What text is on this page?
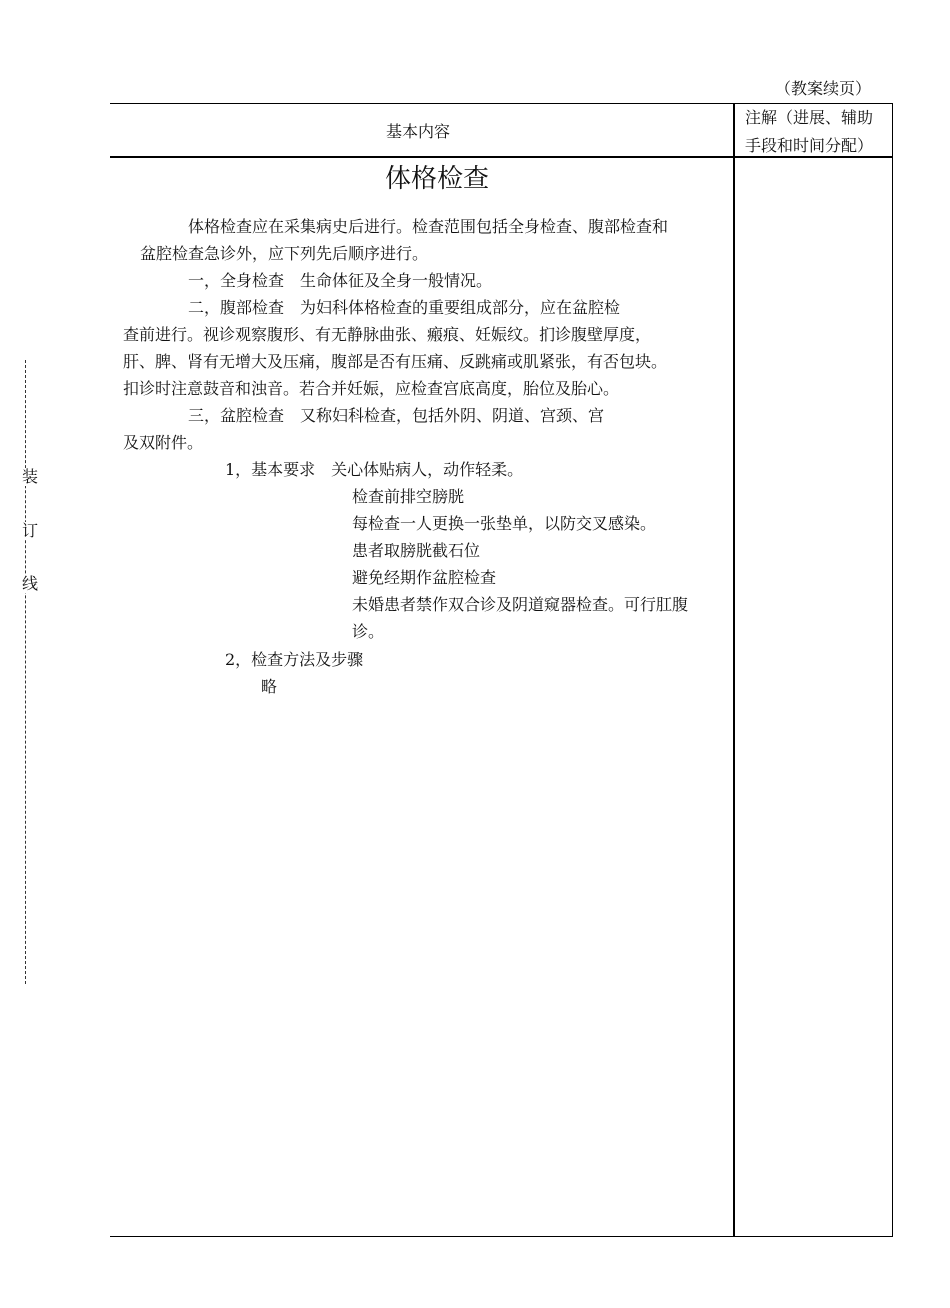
装
订
线
（教案续页）
基本内容
注解（进展、辅助
手段和时间分配）
体格检查
体格检查应在采集病史后进行。检查范围包括全身检查、腹部检查和
盆腔检查急诊外，应下列先后顺序进行。
一，全身检查　生命体征及全身一般情况。
二，腹部检查　为妇科体格检查的重要组成部分，应在盆腔检
查前进行。视诊观察腹形、有无静脉曲张、瘢痕、妊娠纹。扪诊腹壁厚度，
肝、脾、肾有无增大及压痛，腹部是否有压痛、反跳痛或肌紧张，有否包块。
扣诊时注意鼓音和浊音。若合并妊娠，应检查宫底高度，胎位及胎心。
三，盆腔检查　又称妇科检查，包括外阴、阴道、宫颈、宫
及双附件。
1，基本要求　关心体贴病人，动作轻柔。
检查前排空膀胱
每检查一人更换一张垫单，以防交叉感染。
患者取膀胱截石位
避免经期作盆腔检查
未婚患者禁作双合诊及阴道窥器检查。可行肛腹
诊。
2，检查方法及步骤
略
